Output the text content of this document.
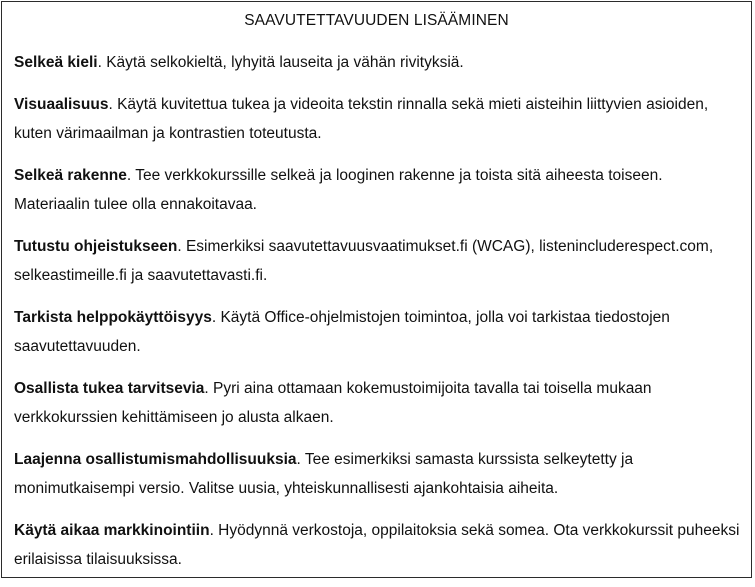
SAAVUTETTAVUUDEN LISÄÄMINEN

Selkeä kieli. Käytä selkokieltä, lyhyitä lauseita ja vähän rivityksiä.

Visuaalisuus. Käytä kuvitettua tukea ja videoita tekstin rinnalla sekä mieti aisteihin liittyvien asioiden, kuten värimaailman ja kontrastien toteutusta.

Selkeä rakenne. Tee verkkokurssille selkeä ja looginen rakenne ja toista sitä aiheesta toiseen. Materiaalin tulee olla ennakoitavaa.

Tutustu ohjeistukseen. Esimerkiksi saavutettavuusvaatimukset.fi (WCAG), listenincluderespect.com, selkeastimeille.fi ja saavutettavasti.fi.

Tarkista helppokäyttöisyys. Käytä Office-ohjelmistojen toimintoa, jolla voi tarkistaa tiedostojen saavutettavuuden.

Osallista tukea tarvitsevia. Pyri aina ottamaan kokemustoimijoita tavalla tai toisella mukaan verkkokurssien kehittämiseen jo alusta alkaen.

Laajenna osallistumismahdollisuuksia. Tee esimerkiksi samasta kurssista selkeytetty ja monimutkaisempi versio. Valitse uusia, yhteiskunnallisesti ajankohtaisia aiheita.

Käytä aikaa markkinointiin. Hyödynnä verkostoja, oppilaitoksia sekä somea. Ota verkkokurssit puheeksi erilaisissa tilaisuuksissa.
